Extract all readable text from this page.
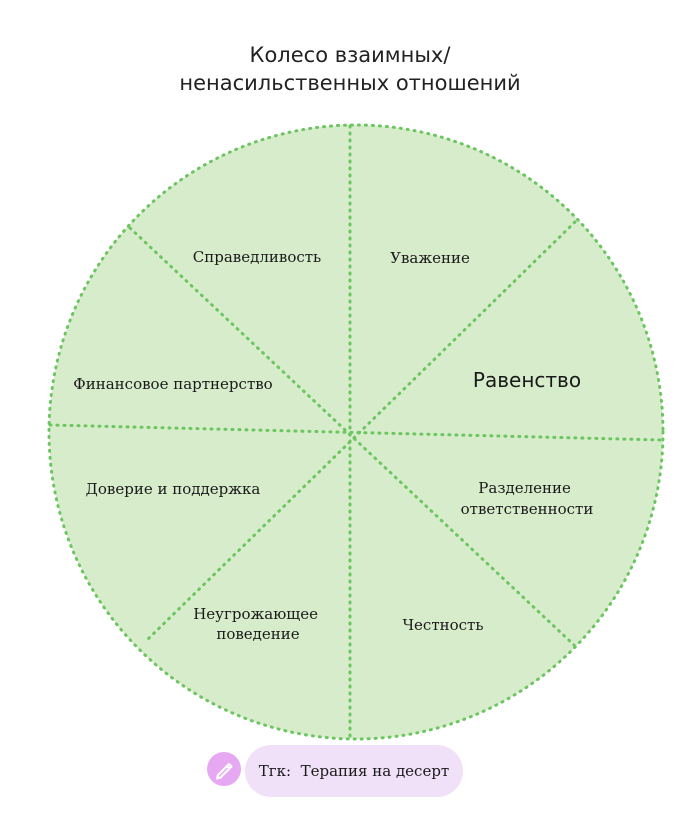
Колесо взаимных/
ненасильственных отношений
Уважение
Равенство
Разделение ответственности
Честность
Неугрожающее поведение
Доверие и поддержка
Финансовое партнерство
Справедливость
Тгк:  Терапия на десерт
